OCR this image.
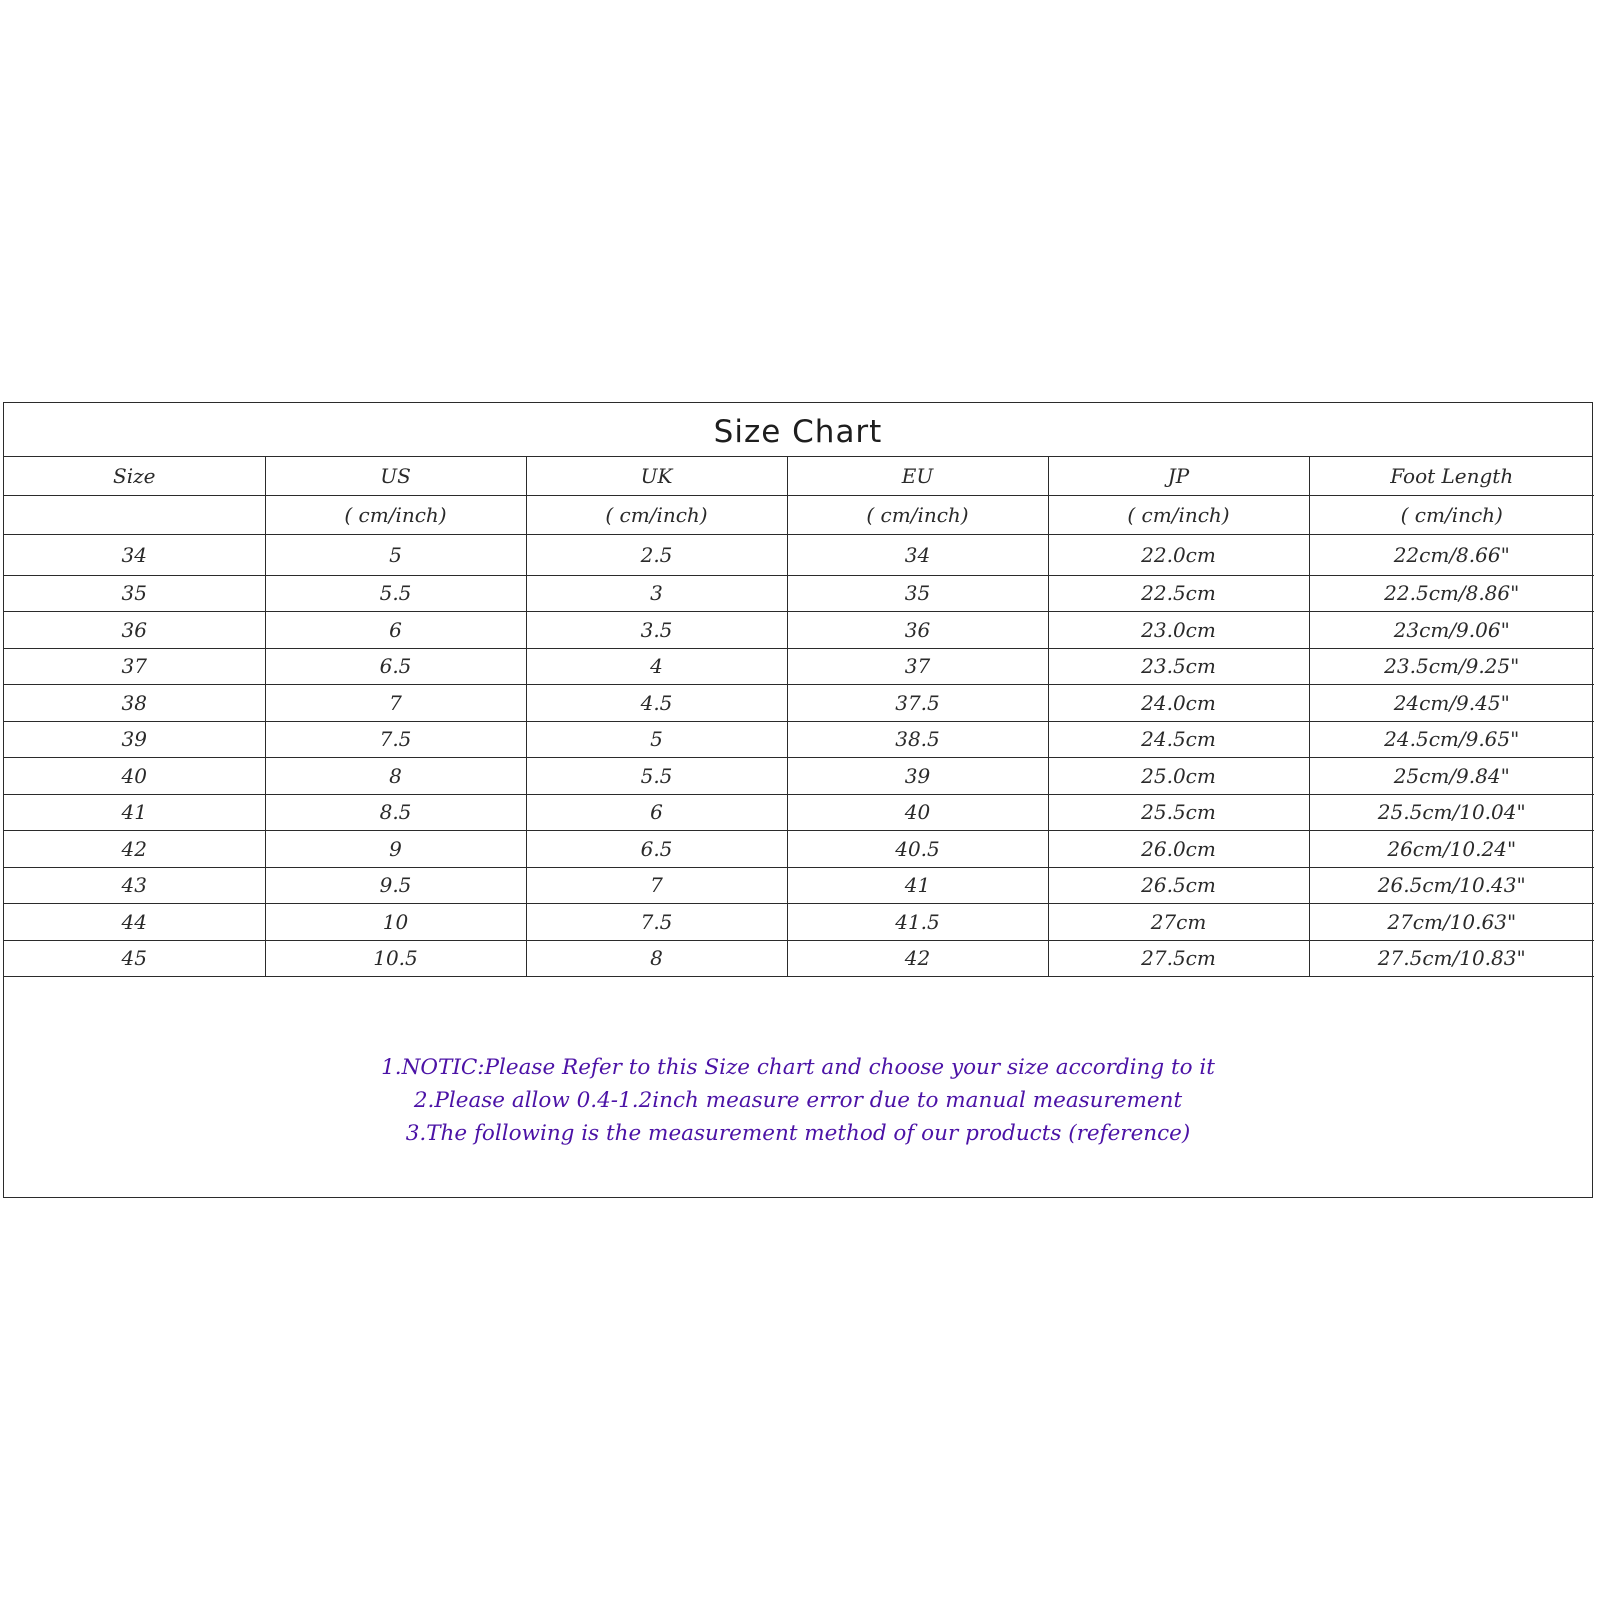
Size Chart
Size	US	UK	EU	JP	Foot Length
	( cm/inch)	( cm/inch)	( cm/inch)	( cm/inch)	( cm/inch)
34	5	2.5	34	22.0cm	22cm/8.66"
35	5.5	3	35	22.5cm	22.5cm/8.86"
36	6	3.5	36	23.0cm	23cm/9.06"
37	6.5	4	37	23.5cm	23.5cm/9.25"
38	7	4.5	37.5	24.0cm	24cm/9.45"
39	7.5	5	38.5	24.5cm	24.5cm/9.65"
40	8	5.5	39	25.0cm	25cm/9.84"
41	8.5	6	40	25.5cm	25.5cm/10.04"
42	9	6.5	40.5	26.0cm	26cm/10.24"
43	9.5	7	41	26.5cm	26.5cm/10.43"
44	10	7.5	41.5	27cm	27cm/10.63"
45	10.5	8	42	27.5cm	27.5cm/10.83"
1.NOTIC:Please Refer to this Size chart and choose your size according to it
2.Please allow 0.4-1.2inch measure error due to manual measurement
3.The following is the measurement method of our products (reference)
